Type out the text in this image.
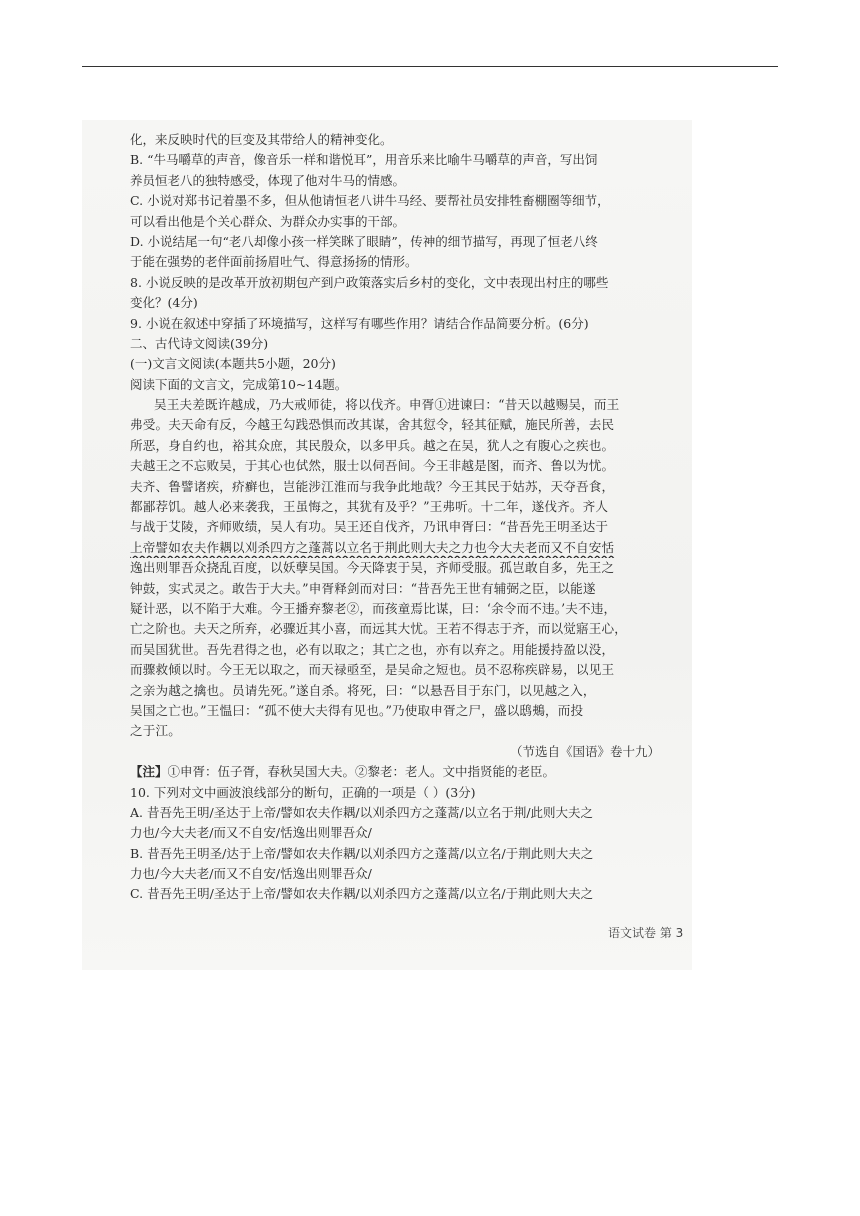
化，来反映时代的巨变及其带给人的精神变化。
B. “牛马嚼草的声音，像音乐一样和谐悦耳”，用音乐来比喻牛马嚼草的声音，写出饲
养员恒老八的独特感受，体现了他对牛马的情感。
C. 小说对郑书记着墨不多，但从他请恒老八讲牛马经、要帮社员安排牲畜棚圈等细节，
可以看出他是个关心群众、为群众办实事的干部。
D. 小说结尾一句“老八却像小孩一样笑眯了眼睛”，传神的细节描写，再现了恒老八终
于能在强势的老伴面前扬眉吐气、得意扬扬的情形。
8. 小说反映的是改革开放初期包产到户政策落实后乡村的变化，文中表现出村庄的哪些
变化？(4分)
9. 小说在叙述中穿插了环境描写，这样写有哪些作用？请结合作品简要分析。(6分)
二、古代诗文阅读(39分)
(一)文言文阅读(本题共5小题，20分)
阅读下面的文言文，完成第10~14题。
吴王夫差既许越成，乃大戒师徒，将以伐齐。申胥①进谏曰：“昔天以越赐吴，而王
弗受。夫天命有反，今越王勾践恐惧而改其谋，舍其愆令，轻其征赋，施民所善，去民
所恶，身自约也，裕其众庶，其民殷众，以多甲兵。越之在吴，犹人之有腹心之疾也。
夫越王之不忘败吴，于其心也侙然，服士以伺吾间。今王非越是图，而齐、鲁以为忧。
夫齐、鲁譬诸疾，疥癣也，岂能涉江淮而与我争此地哉？今王其民于姑苏，天夺吾食，
都鄙荐饥。越人必来袭我，王虽悔之，其犹有及乎？”王弗听。十二年，遂伐齐。齐人
与战于艾陵，齐师败绩，吴人有功。吴王还自伐齐，乃讯申胥曰：“昔吾先王明圣达于
上帝譬如农夫作耦以刈杀四方之蓬蒿以立名于荆此则大夫之力也今大夫老而又不自安恬
逸出则罪吾众挠乱百度，以妖孽吴国。今天降衷于吴，齐师受服。孤岂敢自多，先王之
钟鼓，实式灵之。敢告于大夫。”申胥释剑而对曰：“昔吾先王世有辅弼之臣，以能遂
疑计恶，以不陷于大难。今王播弃黎老②，而孩童焉比谋，曰：‘余令而不违。’夫不违，
亡之阶也。夫天之所弃，必骤近其小喜，而远其大忧。王若不得志于齐，而以觉寤王心，
而吴国犹世。吾先君得之也，必有以取之；其亡之也，亦有以弃之。用能援持盈以没，
而骤救倾以时。今王无以取之，而天禄亟至，是吴命之短也。员不忍称疾辟易，以见王
之亲为越之擒也。员请先死。”遂自杀。将死，曰：“以悬吾目于东门，以见越之入，
吴国之亡也。”王愠曰：“孤不使大夫得有见也。”乃使取申胥之尸，盛以鸱鴺，而投
之于江。
（节选自《国语》卷十九）
【注】①申胥：伍子胥，春秋吴国大夫。②黎老：老人。文中指贤能的老臣。
10. 下列对文中画波浪线部分的断句，正确的一项是（ ）(3分)
A. 昔吾先王明/圣达于上帝/譬如农夫作耦/以刈杀四方之蓬蒿/以立名于荆/此则大夫之
力也/今大夫老/而又不自安/恬逸出则罪吾众/
B. 昔吾先王明圣/达于上帝/譬如农夫作耦/以刈杀四方之蓬蒿/以立名/于荆此则大夫之
力也/今大夫老/而又不自安/恬逸出则罪吾众/
C. 昔吾先王明/圣达于上帝/譬如农夫作耦/以刈杀四方之蓬蒿/以立名/于荆此则大夫之
语文试卷 第 3
